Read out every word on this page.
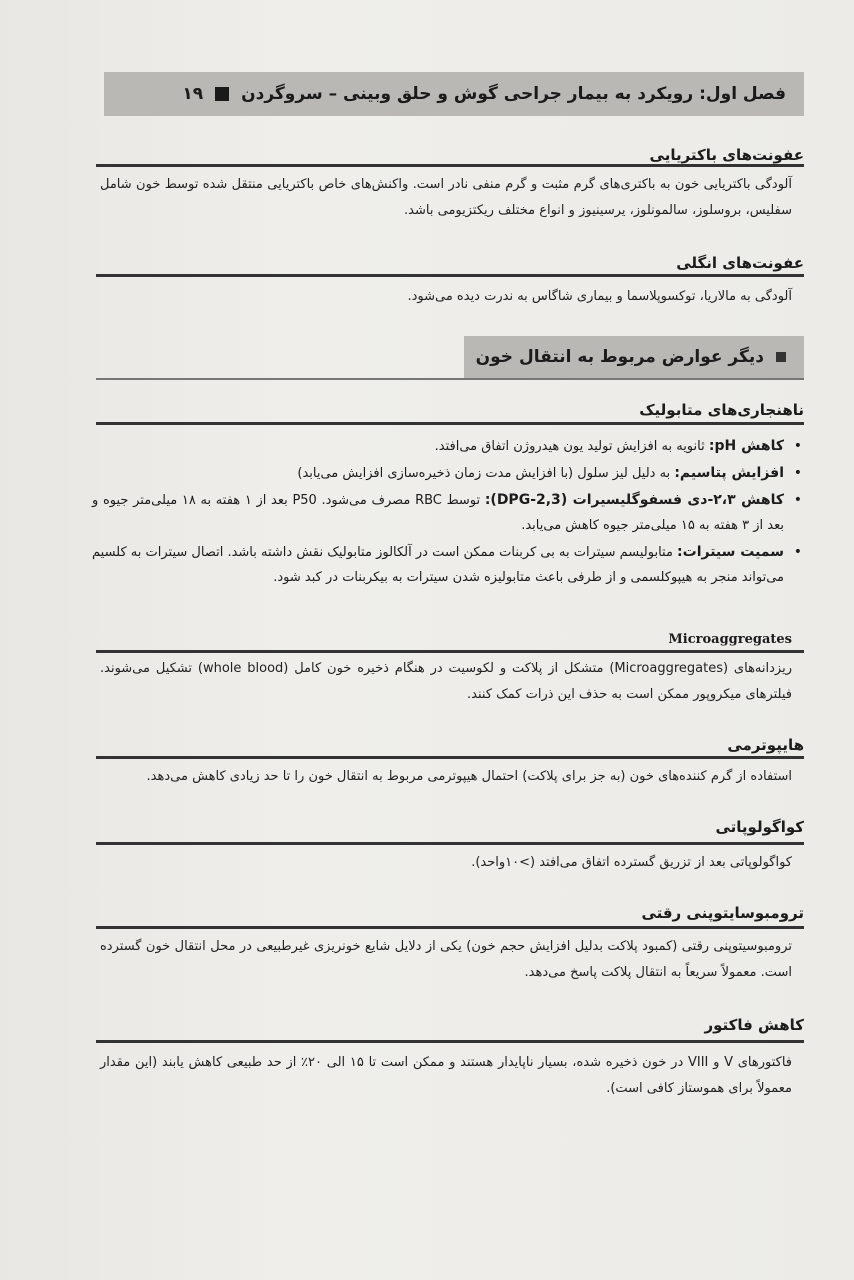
فصل اول: رویکرد به بیمار جراحی گوش و حلق وبینی – سروگردن
۱۹
عفونت‌های باکتریایی
آلودگی باکتریایی خون به باکتری‌های گرم مثبت و گرم منفی نادر است. واکنش‌های خاص باکتریایی منتقل شده توسط خون شامل سفلیس، بروسلوز، سالمونلوز، یرسینیوز و انواع مختلف ریکتزیومی باشد.
عفونت‌های انگلی
آلودگی به مالاریا، توکسوپلاسما و بیماری شاگاس به ندرت دیده می‌شود.
دیگر عوارض مربوط به انتقال خون
ناهنجاری‌های متابولیک
• کاهش pH: ثانویه به افزایش تولید یون هیدروژن اتفاق می‌افتد.
• افزایش پتاسیم: به دلیل لیز سلول (با افزایش مدت زمان ذخیره‌سازی افزایش می‌یابد)
• کاهش ۲،۳-دی فسفوگلیسیرات (2,3-DPG): توسط RBC مصرف می‌شود. P50 بعد از ۱ هفته به ۱۸ میلی‌متر جیوه و بعد از ۳ هفته به ۱۵ میلی‌متر جیوه کاهش می‌یابد.
• سمیت سیترات: متابولیسم سیترات به بی کربنات ممکن است در آلکالوز متابولیک نقش داشته باشد. اتصال سیترات به کلسیم می‌تواند منجر به هیپوکلسمی و از طرفی باعث متابولیزه شدن سیترات به بیکربنات در کبد شود.
Microaggregates
ریزدانه‌های (Microaggregates) متشکل از پلاکت و لکوسیت در هنگام ذخیره خون کامل (whole blood) تشکیل می‌شوند. فیلترهای میکروپور ممکن است به حذف این ذرات کمک کنند.
هایپوترمی
استفاده از گرم کننده‌های خون (به جز برای پلاکت) احتمال هیپوترمی مربوط به انتقال خون را تا حد زیادی کاهش می‌دهد.
کواگولوپاتی
کواگولوپاتی بعد از تزریق گسترده اتفاق می‌افتد (>۱۰واحد).
ترومبوسایتوپنی رقتی
ترومبوسیتوپنی رقتی (کمبود پلاکت بدلیل افزایش حجم خون) یکی از دلایل شایع خونریزی غیرطبیعی در محل انتقال خون گسترده است. معمولاً سریعاً به انتقال پلاکت پاسخ می‌دهد.
کاهش فاکتور
فاکتورهای V و VIII در خون ذخیره شده، بسیار ناپایدار هستند و ممکن است تا ۱۵ الی ۲۰٪ از حد طبیعی کاهش یابند (این مقدار معمولاً برای هموستاز کافی است).
